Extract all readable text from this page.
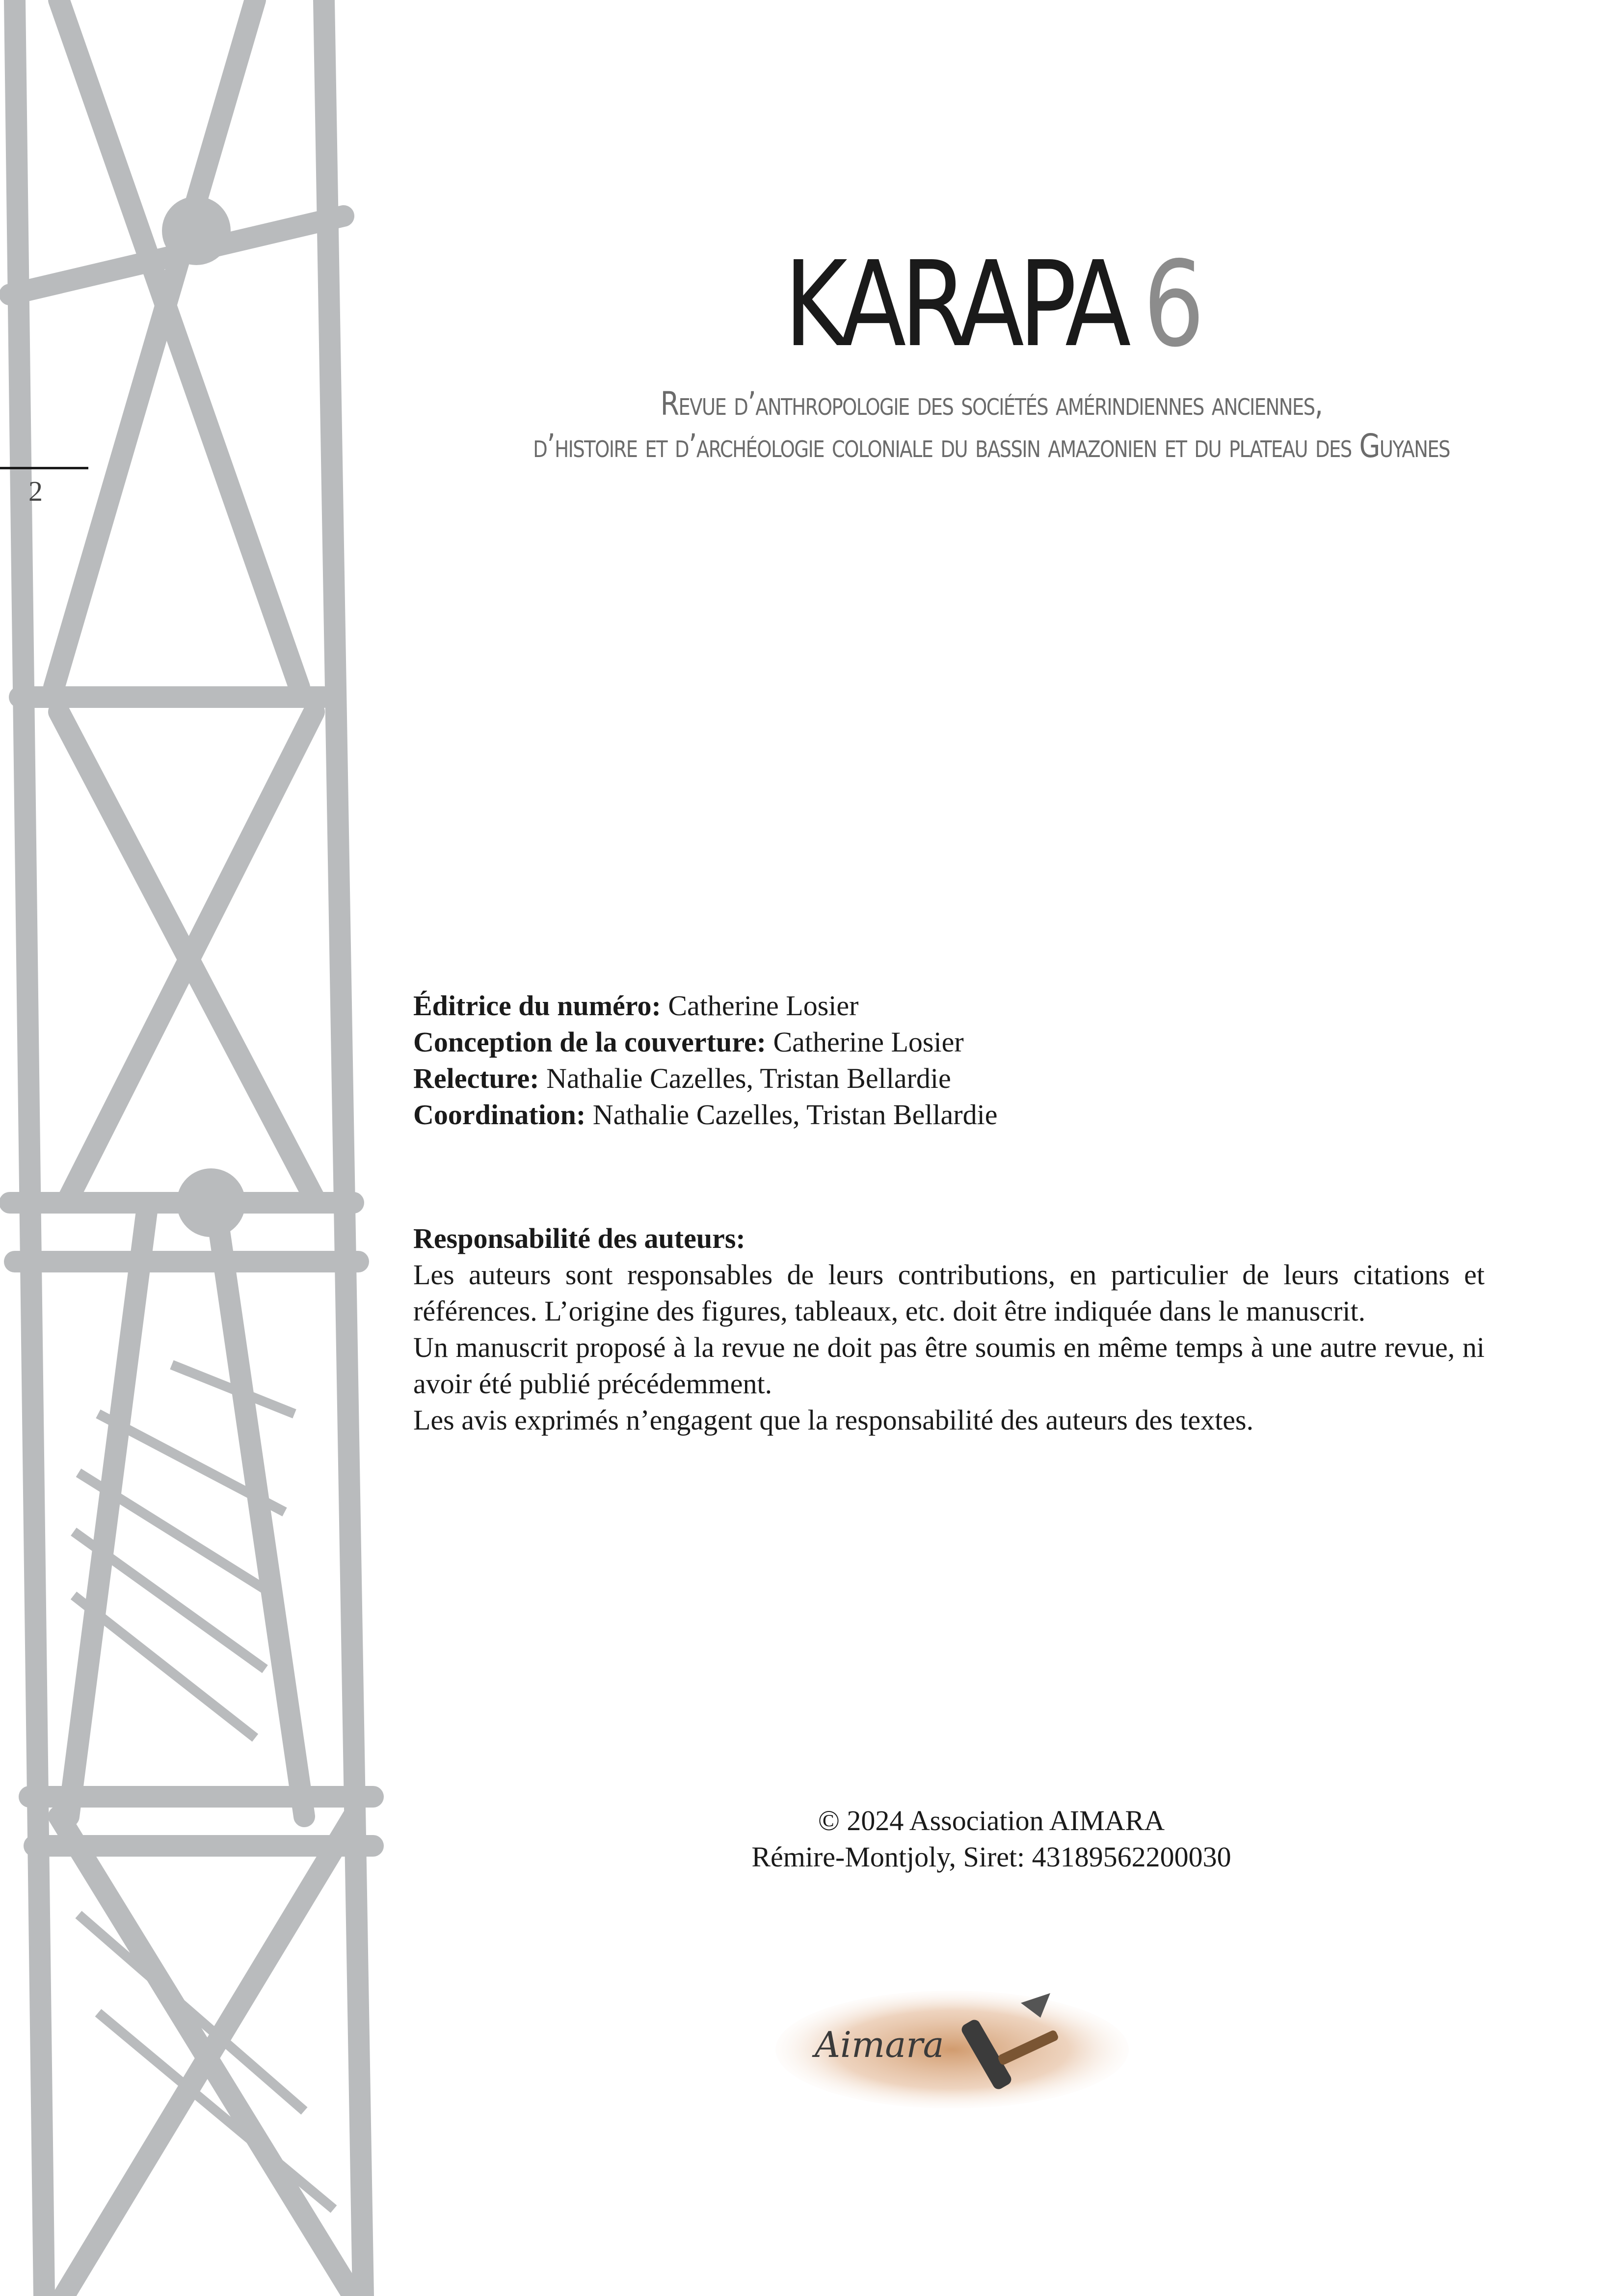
2
KARAPA 6
Revue d’anthropologie des sociétés amérindiennes anciennes,
d’histoire et d’archéologie coloniale du bassin amazonien et du plateau des Guyanes
Éditrice du numéro: Catherine Losier
Conception de la couverture: Catherine Losier
Relecture: Nathalie Cazelles, Tristan Bellardie
Coordination: Nathalie Cazelles, Tristan Bellardie
Responsabilité des auteurs:

Les auteurs sont responsables de leurs contributions, en particulier de leurs citations et références. L’origine des figures, tableaux, etc. doit être indiquée dans le manuscrit.

Un manuscrit proposé à la revue ne doit pas être soumis en même temps à une autre revue, ni avoir été publié précédemment.

Les avis exprimés n’engagent que la responsabilité des auteurs des textes.

© 2024 Association AIMARA
Rémire-Montjoly, Siret: 43189562200030
Aimara
